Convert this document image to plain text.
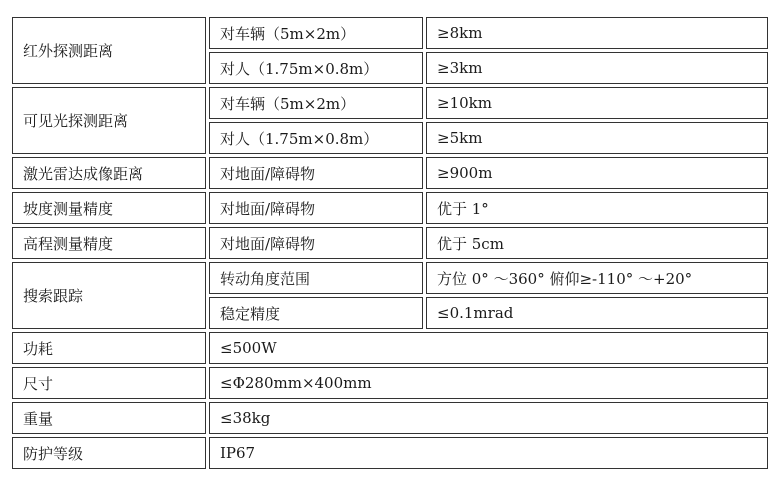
红外探测距离	对车辆（5m×2m）	≥8km
	对人（1.75m×0.8m）	≥3km
可见光探测距离	对车辆（5m×2m）	≥10km
	对人（1.75m×0.8m）	≥5km
激光雷达成像距离	对地面/障碍物	≥900m
坡度测量精度	对地面/障碍物	优于 1°
高程测量精度	对地面/障碍物	优于 5cm
搜索跟踪	转动角度范围	方位 0° ～360° 俯仰≥-110° ～+20°
	稳定精度	≤0.1mrad
功耗	≤500W	
尺寸	≤Φ280mm×400mm	
重量	≤38kg	
防护等级	IP67	
